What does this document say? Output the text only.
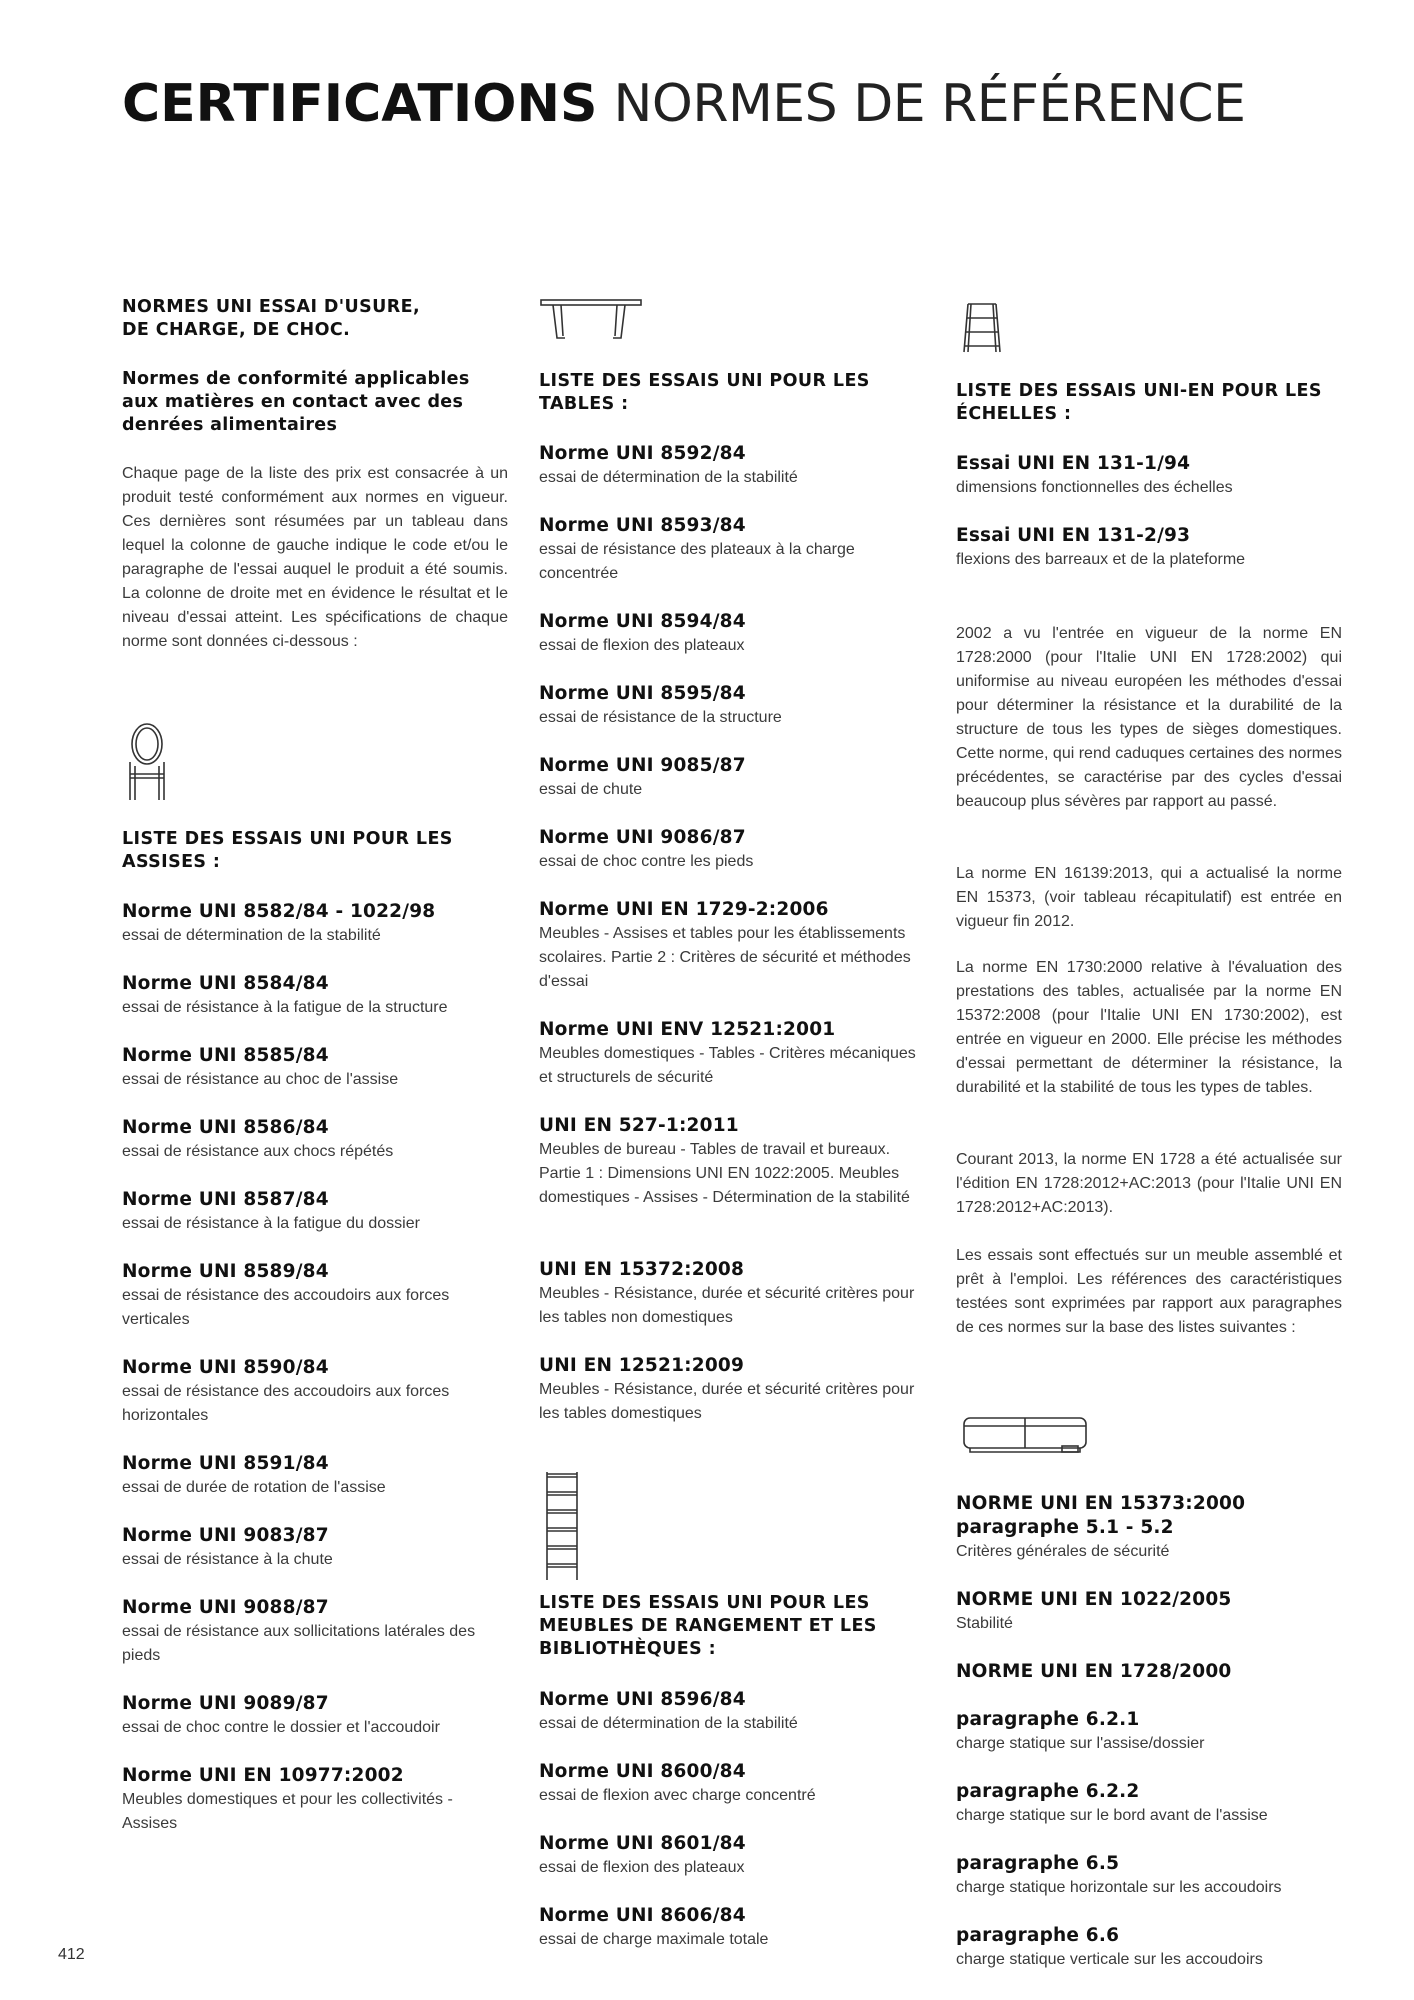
CERTIFICATIONS NORMES DE RÉFÉRENCE
NORMES UNI ESSAI D'USURE, DE CHARGE, DE CHOC.
Normes de conformité applicables aux matières en contact avec des denrées alimentaires
Chaque page de la liste des prix est consacrée à un produit testé conformément aux normes en vigueur. Ces dernières sont résumées par un tableau dans lequel la colonne de gauche indique le code et/ou le paragraphe de l'essai auquel le produit a été soumis. La colonne de droite met en évidence le résultat et le niveau d'essai atteint. Les spécifications de chaque norme sont données ci-dessous :
LISTE DES ESSAIS UNI POUR LES ASSISES :
Norme UNI 8582/84 - 1022/98
essai de détermination de la stabilité
Norme UNI 8584/84
essai de résistance à la fatigue de la structure
Norme UNI 8585/84
essai de résistance au choc de l'assise
Norme UNI 8586/84
essai de résistance aux chocs répétés
Norme UNI 8587/84
essai de résistance à la fatigue du dossier
Norme UNI 8589/84
essai de résistance des accoudoirs aux forces verticales
Norme UNI 8590/84
essai de résistance des accoudoirs aux forces horizontales
Norme UNI 8591/84
essai de durée de rotation de l'assise
Norme UNI 9083/87
essai de résistance à la chute
Norme UNI 9088/87
essai de résistance aux sollicitations latérales des pieds
Norme UNI 9089/87
essai de choc contre le dossier et l'accoudoir
Norme UNI EN 10977:2002
Meubles domestiques et pour les collectivités - Assises
LISTE DES ESSAIS UNI POUR LES TABLES :
Norme UNI 8592/84
essai de détermination de la stabilité
Norme UNI 8593/84
essai de résistance des plateaux à la charge concentrée
Norme UNI 8594/84
essai de flexion des plateaux
Norme UNI 8595/84
essai de résistance de la structure
Norme UNI 9085/87
essai de chute
Norme UNI 9086/87
essai de choc contre les pieds
Norme UNI EN 1729-2:2006
Meubles - Assises et tables pour les établissements scolaires. Partie 2 : Critères de sécurité et méthodes d'essai
Norme UNI ENV 12521:2001
Meubles domestiques - Tables - Critères mécaniques et structurels de sécurité
UNI EN 527-1:2011
Meubles de bureau - Tables de travail et bureaux. Partie 1 : Dimensions UNI EN 1022:2005. Meubles domestiques - Assises - Détermination de la stabilité
UNI EN 15372:2008
Meubles - Résistance, durée et sécurité critères pour les tables non domestiques
UNI EN 12521:2009
Meubles - Résistance, durée et sécurité critères pour les tables domestiques
LISTE DES ESSAIS UNI POUR LES MEUBLES DE RANGEMENT ET LES BIBLIOTHÈQUES :
Norme UNI 8596/84
essai de détermination de la stabilité
Norme UNI 8600/84
essai de flexion avec charge concentré
Norme UNI 8601/84
essai de flexion des plateaux
Norme UNI 8606/84
essai de charge maximale totale
LISTE DES ESSAIS UNI-EN POUR LES ÉCHELLES :
Essai UNI EN 131-1/94
dimensions fonctionnelles des échelles
Essai UNI EN 131-2/93
flexions des barreaux et de la plateforme
2002 a vu l'entrée en vigueur de la norme EN 1728:2000 (pour l'Italie UNI EN 1728:2002) qui uniformise au niveau européen les méthodes d'essai pour déterminer la résistance et la durabilité de la structure de tous les types de sièges domestiques. Cette norme, qui rend caduques certaines des normes précédentes, se caractérise par des cycles d'essai beaucoup plus sévères par rapport au passé.
La norme EN 16139:2013, qui a actualisé la norme EN 15373, (voir tableau récapitulatif) est entrée en vigueur fin 2012.
La norme EN 1730:2000 relative à l'évaluation des prestations des tables, actualisée par la norme EN 15372:2008 (pour l'Italie UNI EN 1730:2002), est entrée en vigueur en 2000. Elle précise les méthodes d'essai permettant de déterminer la résistance, la durabilité et la stabilité de tous les types de tables.
Courant 2013, la norme EN 1728 a été actualisée sur l'édition EN 1728:2012+AC:2013 (pour l'Italie UNI EN 1728:2012+AC:2013).
Les essais sont effectués sur un meuble assemblé et prêt à l'emploi. Les références des caractéristiques testées sont exprimées par rapport aux paragraphes de ces normes sur la base des listes suivantes :
NORME UNI EN 15373:2000 paragraphe 5.1 - 5.2
Critères générales de sécurité
NORME UNI EN 1022/2005
Stabilité
NORME UNI EN 1728/2000
paragraphe 6.2.1
charge statique sur l'assise/dossier
paragraphe 6.2.2
charge statique sur le bord avant de l'assise
paragraphe 6.5
charge statique horizontale sur les accoudoirs
paragraphe 6.6
charge statique verticale sur les accoudoirs
412
